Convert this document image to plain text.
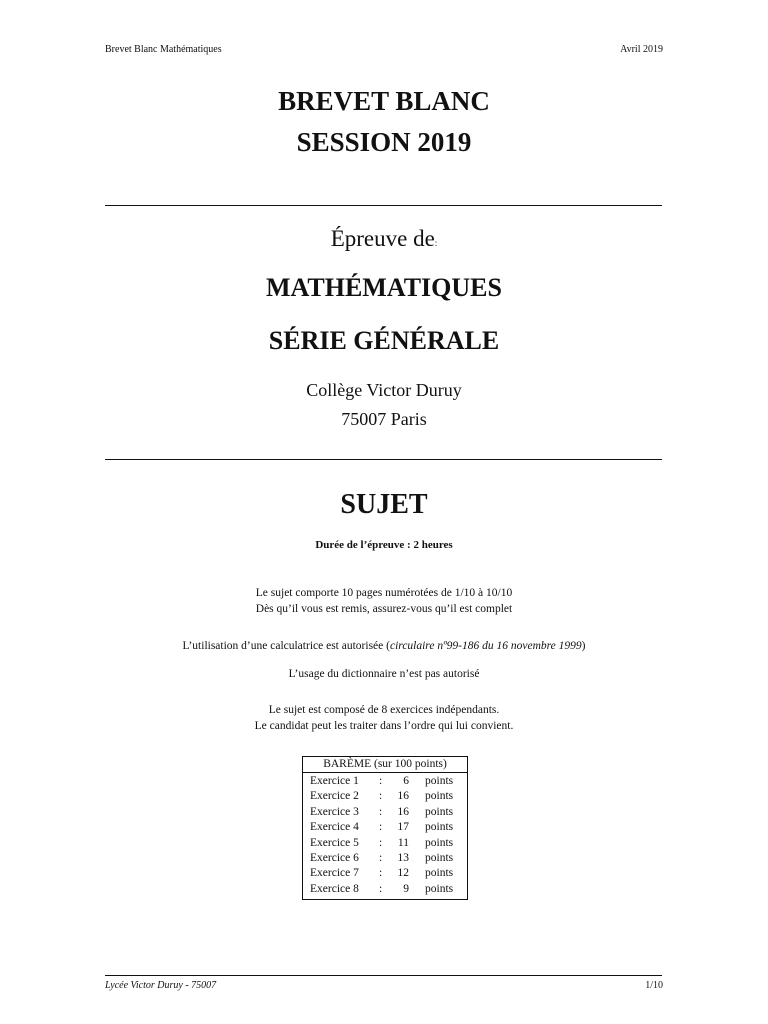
Brevet Blanc Mathématiques	Avril 2019
BREVET BLANC
SESSION 2019
Épreuve de:
MATHÉMATIQUES
SÉRIE GÉNÉRALE
Collège Victor Duruy
75007 Paris
SUJET
Durée de l’épreuve : 2 heures
Le sujet comporte 10 pages numérotées de 1/10 à 10/10
Dès qu’il vous est remis, assurez-vous qu’il est complet
L’utilisation d’une calculatrice est autorisée (circulaire nº99-186 du 16 novembre 1999)
L’usage du dictionnaire n’est pas autorisé
Le sujet est composé de 8 exercices indépendants.
Le candidat peut les traiter dans l’ordre qui lui convient.
BARÈME (sur 100 points)
Exercice 1 : 6 points
Exercice 2 : 16 points
Exercice 3 : 16 points
Exercice 4 : 17 points
Exercice 5 : 11 points
Exercice 6 : 13 points
Exercice 7 : 12 points
Exercice 8 : 9 points
Lycée Victor Duruy - 75007	1/10
